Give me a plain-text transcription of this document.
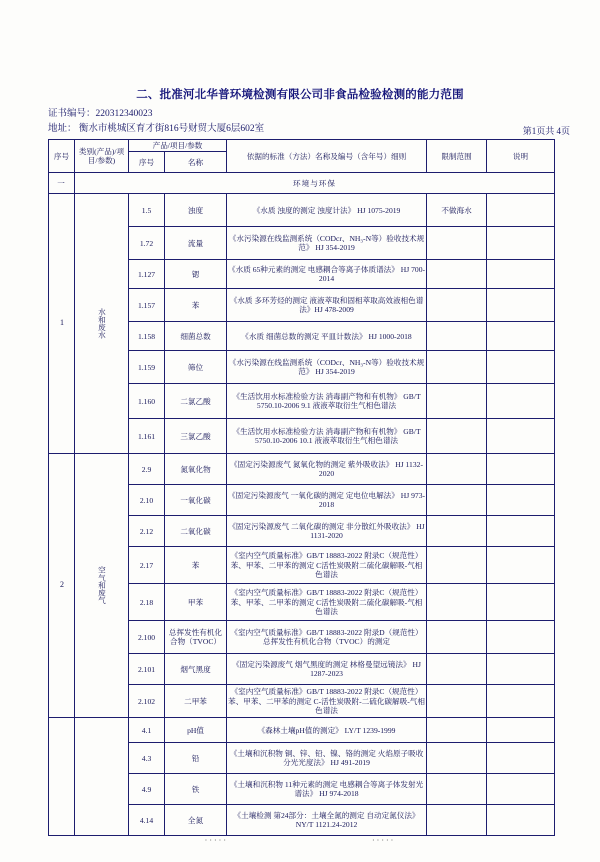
二、批准河北华普环境检测有限公司非食品检验检测的能力范围
证书编号：220312340023
地址： 衡水市桃城区育才街816号财贸大厦6层602室	第1页共 4页
序号	类别(产品)/项目/参数)	产品/项目/参数		依据的标准（方法）名称及编号（含年号）细则	限制范围	说明
		序号	名称			
一	环境与环保					
1	水和废水	1.5	浊度	《水质 浊度的测定 浊度计法》 HJ 1075-2019	不做海水	
		1.72	流量	《水污染源在线监测系统（CODcr、NH₃-N等）验收技术规范》 HJ 354-2019		
		1.127	锶	《水质 65种元素的测定 电感耦合等离子体质谱法》 HJ 700-2014		
		1.157	苯	《水质 多环芳烃的测定 液液萃取和固相萃取高效液相色谱法》HJ 478-2009		
		1.158	细菌总数	《水质 细菌总数的测定 平皿计数法》 HJ 1000-2018		
		1.159	筛位	《水污染源在线监测系统（CODcr、NH₃-N等）验收技术规范》 HJ 354-2019		
		1.160	二氯乙酸	《生活饮用水标准检验方法 消毒副产物和有机物》 GB/T 5750.10-2006 9.1 液液萃取衍生气相色谱法		
		1.161	三氯乙酸	《生活饮用水标准检验方法 消毒副产物和有机物》 GB/T 5750.10-2006 10.1 液液萃取衍生气相色谱法		
2	空气和废气	2.9	氮氧化物	《固定污染源废气 氮氧化物的测定 紫外吸收法》 HJ 1132-2020		
		2.10	一氧化碳	《固定污染源废气 一氧化碳的测定 定电位电解法》 HJ 973-2018		
		2.12	二氧化碳	《固定污染源废气 二氧化碳的测定 非分散红外吸收法》 HJ 1131-2020		
		2.17	苯	《室内空气质量标准》GB/T 18883-2022 附录C（规范性）苯、甲苯、二甲苯的测定 C活性炭吸附二硫化碳解吸-气相色谱法		
		2.18	甲苯	《室内空气质量标准》GB/T 18883-2022 附录C（规范性）苯、甲苯、二甲苯的测定 C活性炭吸附二硫化碳解吸-气相色谱法		
		2.100	总挥发性有机化合物（TVOC）	《室内空气质量标准》GB/T 18883-2022 附录D（规范性）总挥发性有机化合物（TVOC）的测定		
		2.101	烟气黑度	《固定污染源废气 烟气黑度的测定 林格曼望远镜法》 HJ 1287-2023		
		2.102	二甲苯	《室内空气质量标准》GB/T 18883-2022 附录C（规范性）苯、甲苯、二甲苯的测定 C-活性炭吸附-二硫化碳解吸-气相色谱法		
		4.1	pH值	《森林土壤pH值的测定》 LY/T 1239-1999		
		4.3	铅	《土壤和沉积物 铜、锌、铅、镍、铬的测定 火焰原子吸收分光光度法》 HJ 491-2019		
		4.9	铁	《土壤和沉积物 11种元素的测定 电感耦合等离子体发射光谱法》 HJ 974-2018		
		4.14	全氮	《土壤检测 第24部分：土壤全氮的测定 自动定氮仪法》 NY/T 1121.24-2012		
·····	·····
